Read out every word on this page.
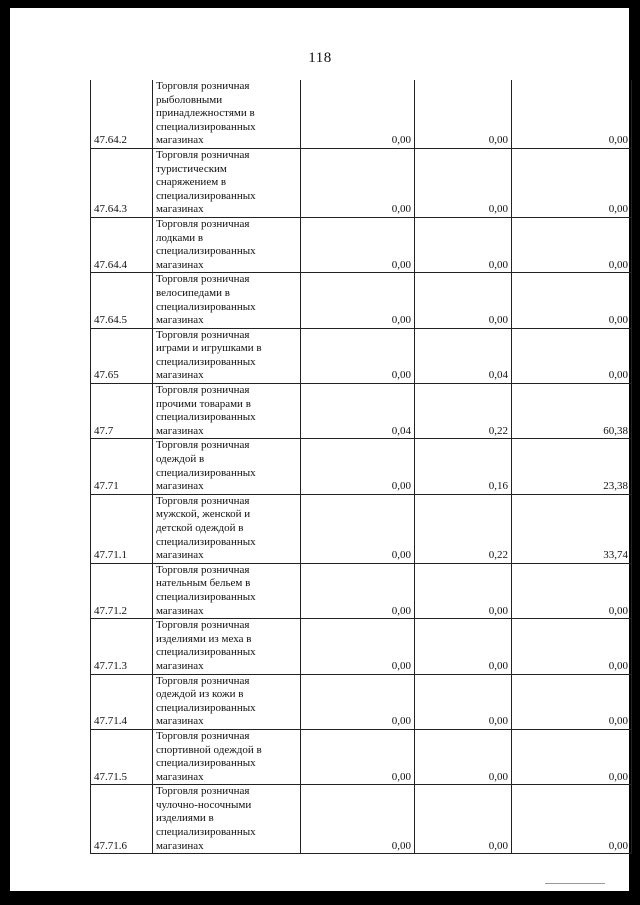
118
47.64.2	Торговля розничная
рыболовными
принадлежностями в
специализированных
магазинах	0,00	0,00	0,00
47.64.3	Торговля розничная
туристическим
снаряжением в
специализированных
магазинах	0,00	0,00	0,00
47.64.4	Торговля розничная
лодками в
специализированных
магазинах	0,00	0,00	0,00
47.64.5	Торговля розничная
велосипедами в
специализированных
магазинах	0,00	0,00	0,00
47.65	Торговля розничная
играми и игрушками в
специализированных
магазинах	0,00	0,04	0,00
47.7	Торговля розничная
прочими товарами в
специализированных
магазинах	0,04	0,22	60,38
47.71	Торговля розничная
одеждой в
специализированных
магазинах	0,00	0,16	23,38
47.71.1	Торговля розничная
мужской, женской и
детской одеждой в
специализированных
магазинах	0,00	0,22	33,74
47.71.2	Торговля розничная
нательным бельем в
специализированных
магазинах	0,00	0,00	0,00
47.71.3	Торговля розничная
изделиями из меха в
специализированных
магазинах	0,00	0,00	0,00
47.71.4	Торговля розничная
одеждой из кожи в
специализированных
магазинах	0,00	0,00	0,00
47.71.5	Торговля розничная
спортивной одеждой в
специализированных
магазинах	0,00	0,00	0,00
47.71.6	Торговля розничная
чулочно-носочными
изделиями в
специализированных
магазинах	0,00	0,00	0,00
